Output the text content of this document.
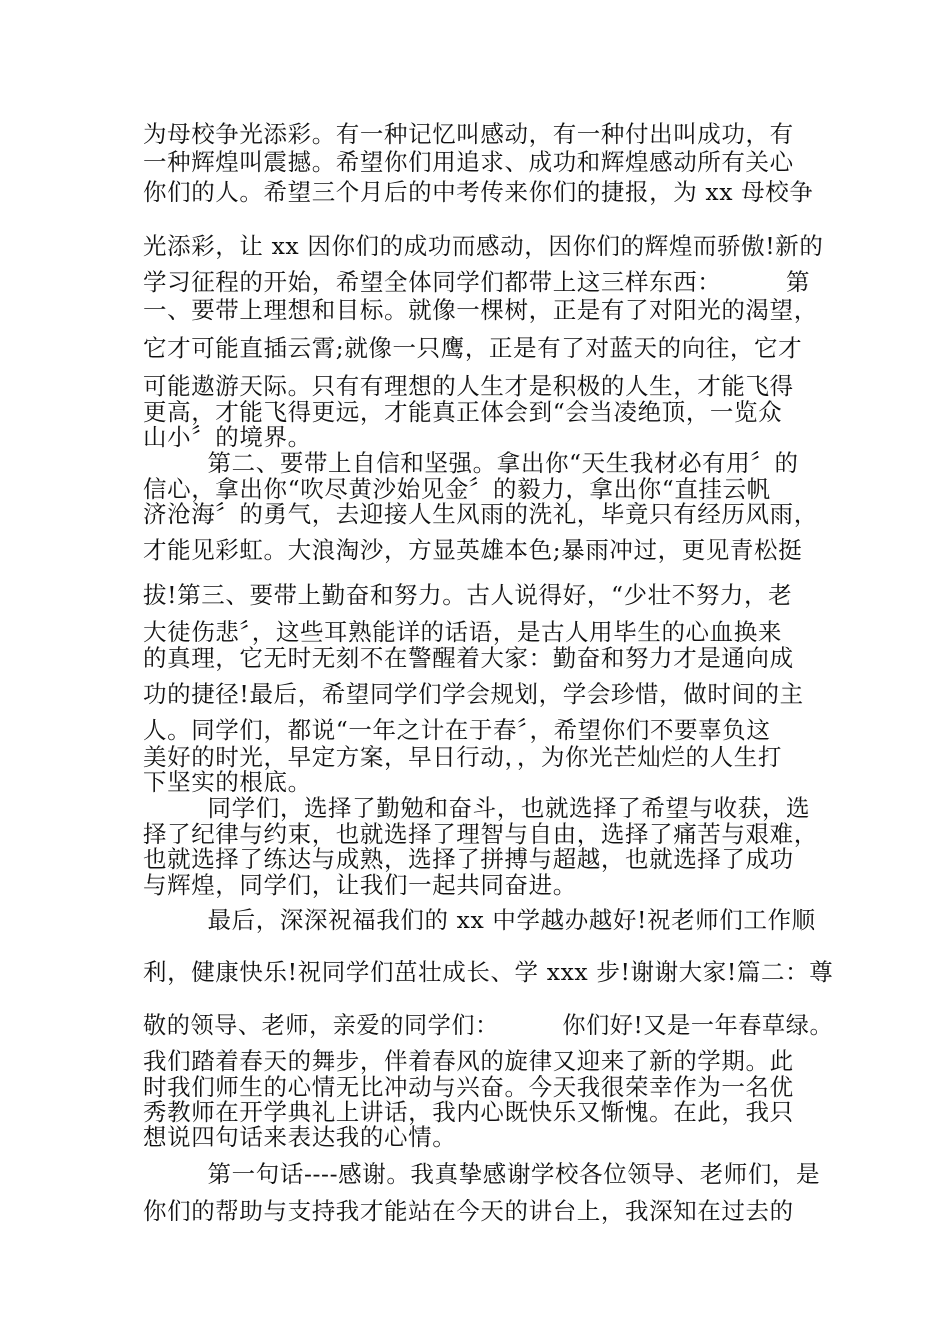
为母校争光添彩。有一种记忆叫感动，有一种付出叫成功，有
一种辉煌叫震撼。希望你们用追求、成功和辉煌感动所有关心
你们的人。希望三个月后的中考传来你们的捷报，为 xx 母校争
光添彩，让 xx 因你们的成功而感动，因你们的辉煌而骄傲!新的
学习征程的开始，希望全体同学们都带上这三样东西：        第
一、要带上理想和目标。就像一棵树，正是有了对阳光的渴望，
它才可能直插云霄;就像一只鹰，正是有了对蓝天的向往，它才
可能遨游天际。只有有理想的人生才是积极的人生，才能飞得
更高，才能飞得更远，才能真正体会到“会当凌绝顶，一览众
山小〞的境界。
第二、要带上自信和坚强。拿出你“天生我材必有用〞的
信心，拿出你“吹尽黄沙始见金〞的毅力，拿出你“直挂云帆
济沧海〞的勇气，去迎接人生风雨的洗礼，毕竟只有经历风雨，
才能见彩虹。大浪淘沙，方显英雄本色;暴雨冲过，更见青松挺
拔!第三、要带上勤奋和努力。古人说得好，“少壮不努力，老
大徒伤悲〞，这些耳熟能详的话语，是古人用毕生的心血换来
的真理，它无时无刻不在警醒着大家：勤奋和努力才是通向成
功的捷径!最后，希望同学们学会规划，学会珍惜，做时间的主
人。同学们，都说“一年之计在于春〞，希望你们不要辜负这
美好的时光，早定方案，早日行动，，为你光芒灿烂的人生打
下坚实的根底。
同学们，选择了勤勉和奋斗，也就选择了希望与收获，选
择了纪律与约束，也就选择了理智与自由，选择了痛苦与艰难，
也就选择了练达与成熟，选择了拼搏与超越，也就选择了成功
与辉煌，同学们，让我们一起共同奋进。
最后，深深祝福我们的 xx 中学越办越好!祝老师们工作顺
利，健康快乐!祝同学们茁壮成长、学 xxx 步!谢谢大家!篇二：尊
敬的领导、老师，亲爱的同学们：        你们好!又是一年春草绿。
我们踏着春天的舞步，伴着春风的旋律又迎来了新的学期。此
时我们师生的心情无比冲动与兴奋。今天我很荣幸作为一名优
秀教师在开学典礼上讲话，我内心既快乐又惭愧。在此，我只
想说四句话来表达我的心情。
第一句话----感谢。我真挚感谢学校各位领导、老师们，是
你们的帮助与支持我才能站在今天的讲台上，我深知在过去的
